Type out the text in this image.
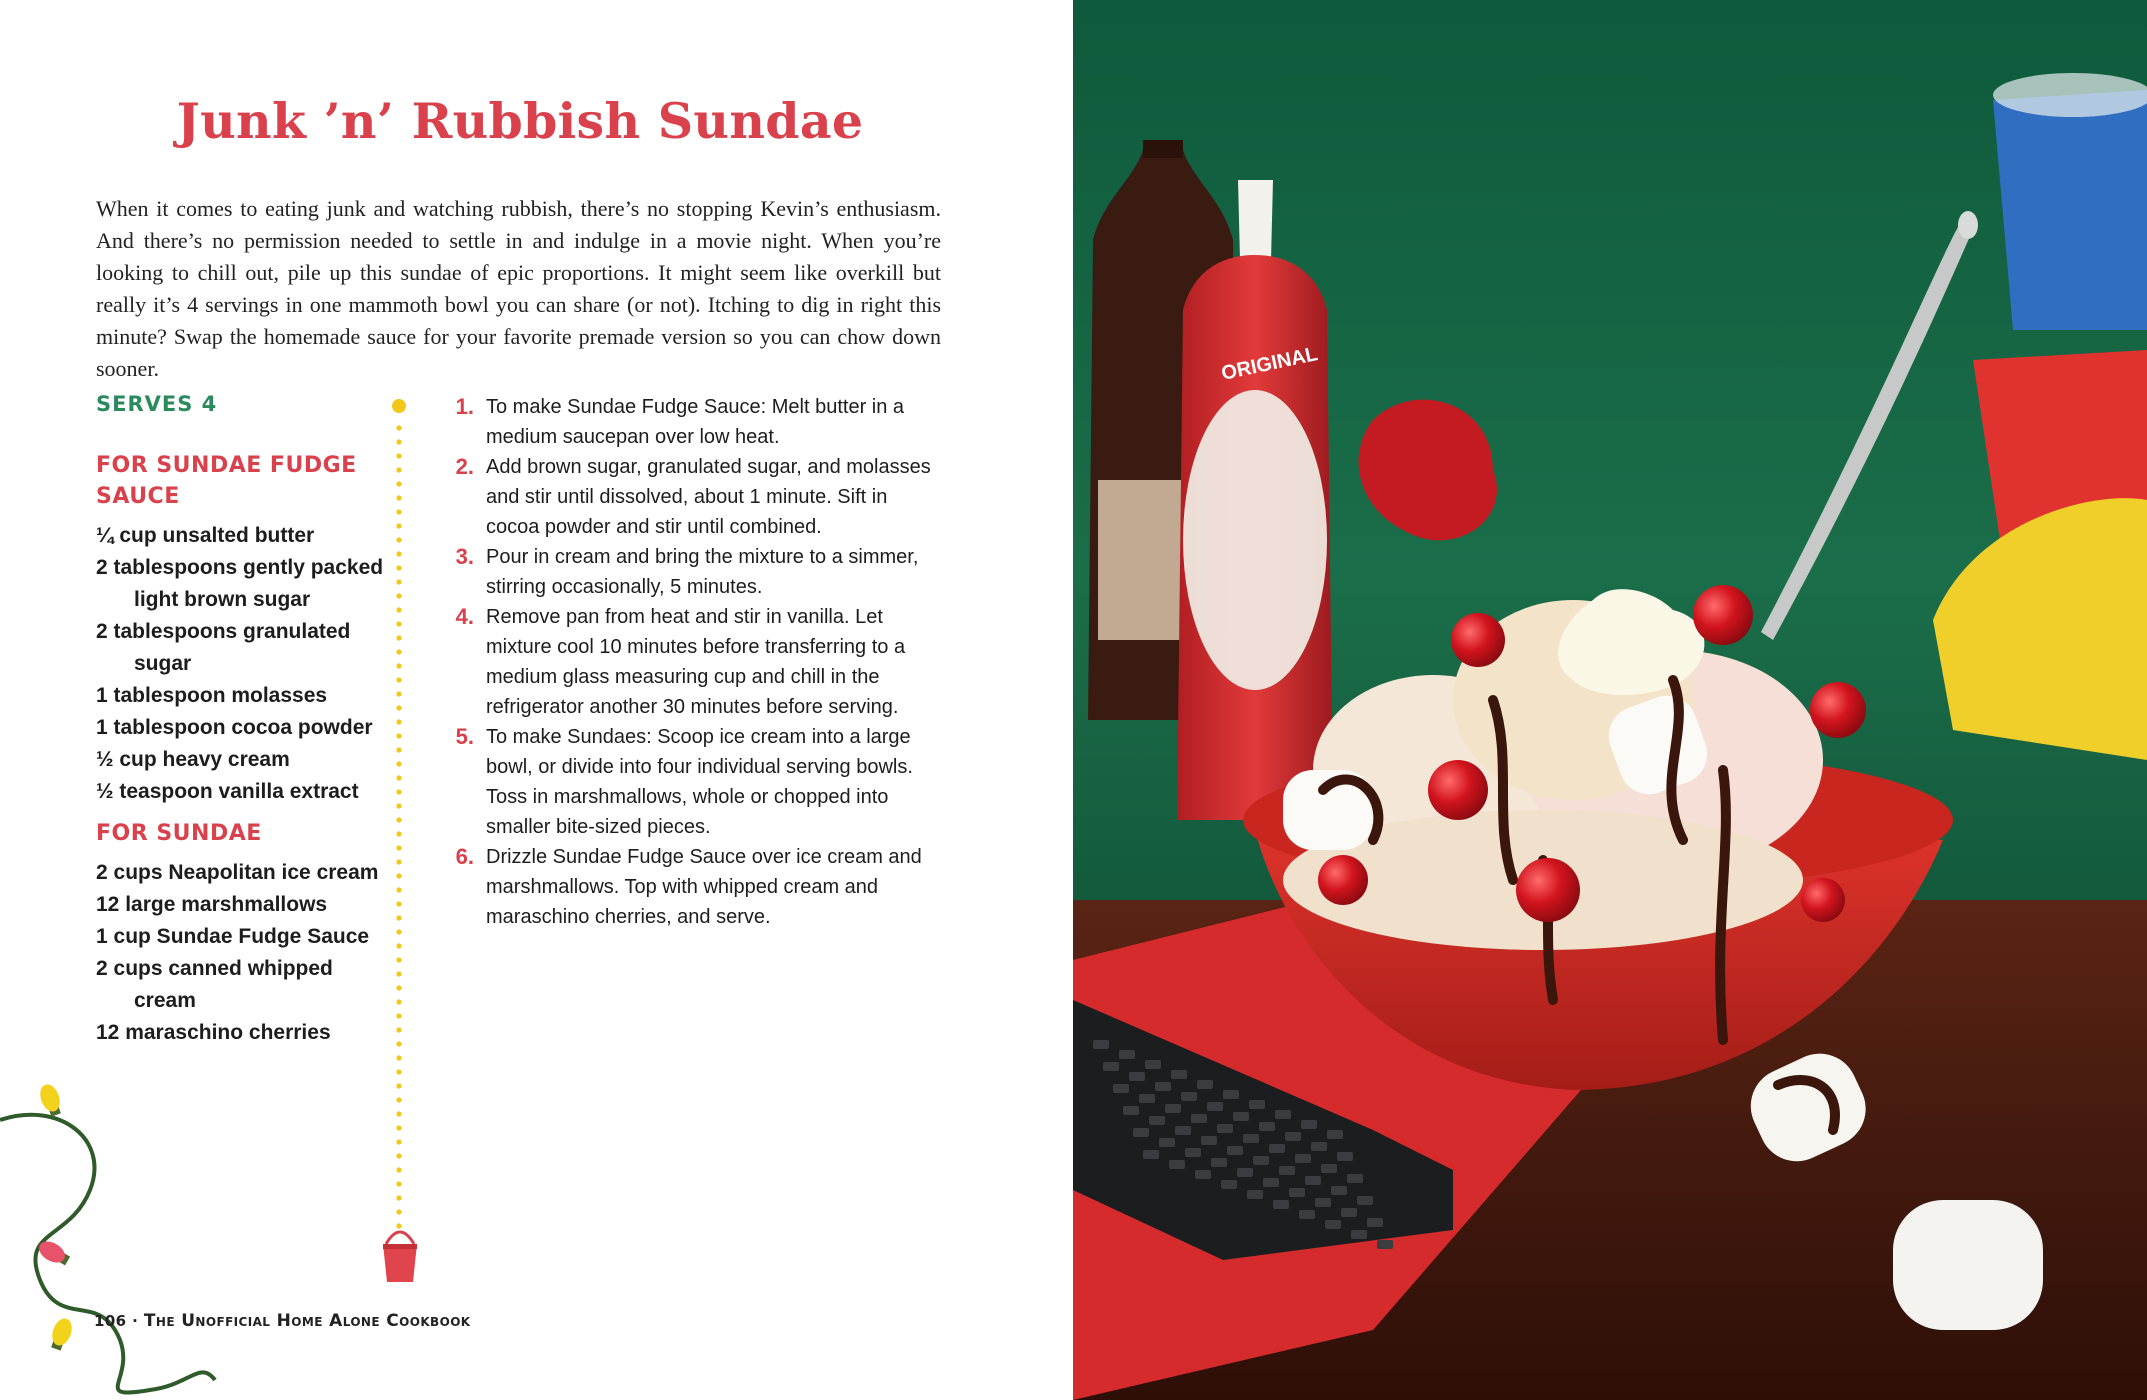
Junk ’n’ Rubbish Sundae

When it comes to eating junk and watching rubbish, there’s no stopping Kevin’s enthusiasm. And there’s no permission needed to settle in and indulge in a movie night. When you’re looking to chill out, pile up this sundae of epic proportions. It might seem like overkill but really it’s 4 servings in one mammoth bowl you can share (or not). Itching to dig in right this minute? Swap the homemade sauce for your favorite premade version so you can chow down sooner.

SERVES 4
FOR SUNDAE FUDGE SAUCE
¼ cup unsalted butter
2 tablespoons gently packed light brown sugar
2 tablespoons granulated sugar
1 tablespoon molasses
1 tablespoon cocoa powder
½ cup heavy cream
½ teaspoon vanilla extract
FOR SUNDAE
2 cups Neapolitan ice cream
12 large marshmallows
1 cup Sundae Fudge Sauce
2 cups canned whipped cream
12 maraschino cherries
1. To make Sundae Fudge Sauce: Melt butter in a medium saucepan over low heat.
2. Add brown sugar, granulated sugar, and molasses and stir until dissolved, about 1 minute. Sift in cocoa powder and stir until combined.
3. Pour in cream and bring the mixture to a simmer, stirring occasionally, 5 minutes.
4. Remove pan from heat and stir in vanilla. Let mixture cool 10 minutes before transferring to a medium glass measuring cup and chill in the refrigerator another 30 minutes before serving.
5. To make Sundaes: Scoop ice cream into a large bowl, or divide into four individual serving bowls. Toss in marshmallows, whole or chopped into smaller bite-sized pieces.
6. Drizzle Sundae Fudge Sauce over ice cream and marshmallows. Top with whipped cream and maraschino cherries, and serve.
106 · The Unofficial Home Alone Cookbook
ORIGINAL
